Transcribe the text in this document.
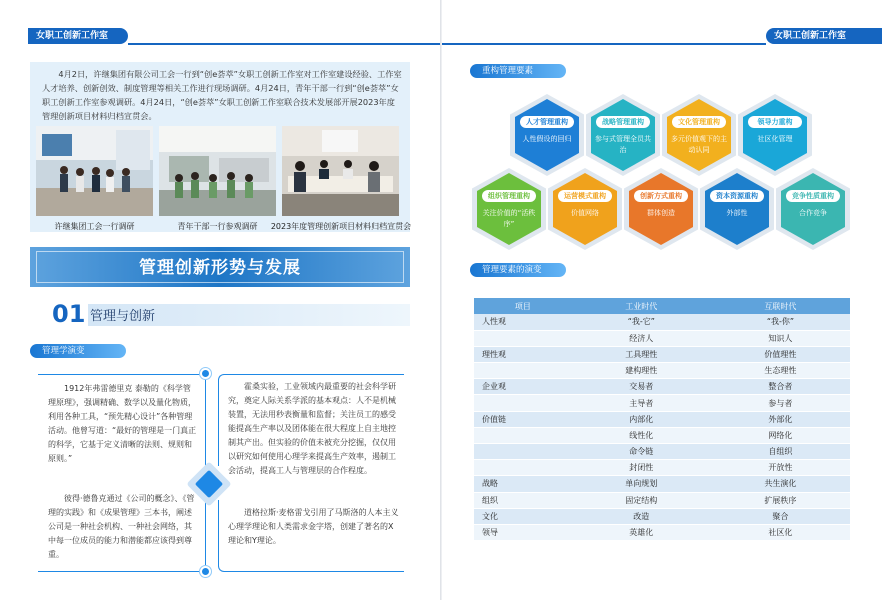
女职工创新工作室
4月2日，许继集团有限公司工会一行到“创e荟萃”女职工创新工作室对工作室建设经验、工作室人才培养、创新创效、制度管理等相关工作进行现场调研。4月24日，青年干部一行到“创e荟萃”女职工创新工作室参观调研。4月24日，“创e荟萃”女职工创新工作室联合技术发展部开展2023年度管理创新项目材料归档宣贯会。
许继集团工会一行调研	青年干部一行参观调研	2023年度管理创新项目材料归档宣贯会
管理创新形势与发展
01 管理与创新
管理学演变
1912年弗雷德里克 泰勒的《科学管理原理》，强调精确、数学以及量化物质，利用各种工具，“预先精心设计”各种管理活动。他曾写道：“最好的管理是一门真正的科学，它基于定义清晰的法则、规则和原则。”
霍桑实验，工业领域内最重要的社会科学研究，奠定人际关系学派的基本观点：人不是机械装置，无法用秒表衡量和监督；关注员工的感受能提高生产率以及团体能在很大程度上自主地控制其产出。但实验的价值未被充分挖掘，仅仅用以研究如何使用心理学来提高生产效率，遏制工会活动，提高工人与管理层的合作程度。
彼得·德鲁克通过《公司的概念》、《管理的实践》和《成果管理》三本书，阐述公司是一种社会机构、一种社会网络，其中每一位成员的能力和潜能都应该得到尊重。
道格拉斯·麦格雷戈引用了马斯洛的人本主义心理学理论和人类需求金字塔，创建了著名的X理论和Y理论。
女职工创新工作室
重构管理要素
人才管理重构
人性假设的回归
战略管理重构
参与式管理全员共治
文化管理重构
多元价值观下的主动认同
领导力重构
社区化管理
组织管理重构
关注价值的“活秩序”
运营模式重构
价值网络
创新方式重构
群体创造
资本资源重构
外部性
竞争性质重构
合作竞争
管理要素的演变
项目	工业时代	互联时代
人性观	“我-它”	“我-你”
	经济人	知识人
理性观	工具理性	价值理性
	建构理性	生态理性
企业观	交易者	整合者
	主导者	参与者
价值链	内部化	外部化
	线性化	网络化
	命令链	自组织
	封闭性	开放性
战略	单向规划	共生演化
组织	固定结构	扩展秩序
文化	改造	聚合
领导	英雄化	社区化
